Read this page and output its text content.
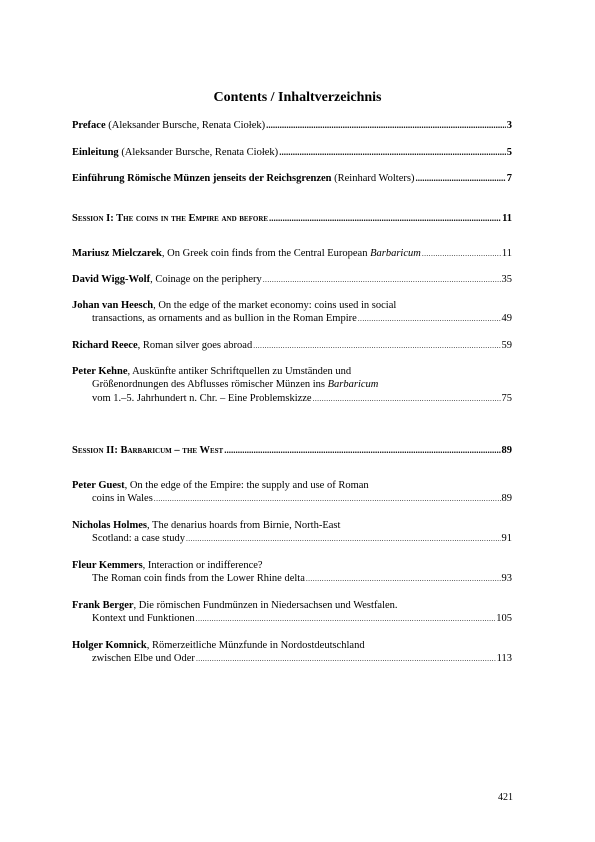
Contents / Inhaltverzeichnis
Preface (Aleksander Bursche, Renata Ciołek) .....	3
Einleitung (Aleksander Bursche, Renata Ciołek) .....	5
Einführung Römische Münzen jenseits der Reichsgrenzen (Reinhard Wolters) .....	7
Session I: The coins in the Empire and before .....	11
Mariusz Mielczarek, On Greek coin finds from the Central European Barbaricum .....	11
David Wigg-Wolf, Coinage on the periphery .....	35
Johan van Heesch, On the edge of the market economy: coins used in social
transactions, as ornaments and as bullion in the Roman Empire .....	49
Richard Reece, Roman silver goes abroad .....	59
Peter Kehne, Auskünfte antiker Schriftquellen zu Umständen und
Größenordnungen des Abflusses römischer Münzen ins Barbaricum
vom 1.–5. Jahrhundert n. Chr. – Eine Problemskizze .....	75
Session II: Barbaricum – the West .....	89
Peter Guest, On the edge of the Empire: the supply and use of Roman
coins in Wales .....	89
Nicholas Holmes, The denarius hoards from Birnie, North-East
Scotland: a case study .....	91
Fleur Kemmers, Interaction or indifference?
The Roman coin finds from the Lower Rhine delta .....	93
Frank Berger, Die römischen Fundmünzen in Niedersachsen und Westfalen.
Kontext und Funktionen .....	105
Holger Komnick, Römerzeitliche Münzfunde in Nordostdeutschland
zwischen Elbe und Oder .....	113
421
